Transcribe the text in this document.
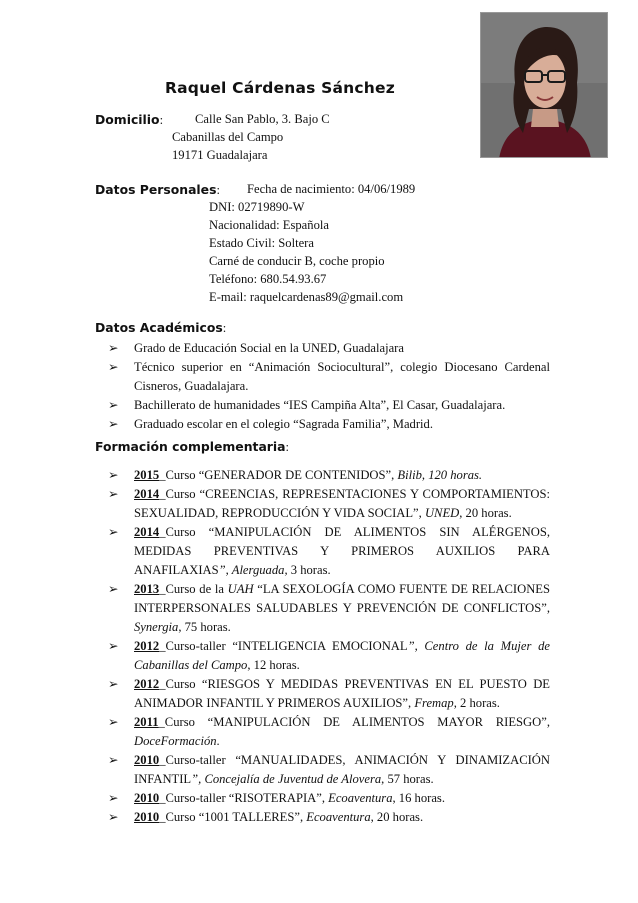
Raquel Cárdenas Sánchez
Domicilio:	Calle San Pablo, 3. Bajo C
Cabanillas del Campo
19171 Guadalajara
Datos Personales: Fecha de nacimiento: 04/06/1989
DNI: 02719890-W
Nacionalidad: Española
Estado Civil: Soltera
Carné de conducir B, coche propio
Teléfono: 680.54.93.67
E-mail: raquelcardenas89@gmail.com
Datos Académicos:
➢ Grado de Educación Social en la UNED, Guadalajara
➢ Técnico superior en “Animación Sociocultural”, colegio Diocesano Cardenal Cisneros, Guadalajara.
➢ Bachillerato de humanidades “IES Campiña Alta”, El Casar, Guadalajara.
➢ Graduado escolar en el colegio “Sagrada Familia”, Madrid.
Formación complementaria:
➢ 2015_Curso “GENERADOR DE CONTENIDOS”, Bilib, 120 horas.
➢ 2014_Curso “CREENCIAS, REPRESENTACIONES Y COMPORTAMIENTOS: SEXUALIDAD, REPRODUCCIÓN Y VIDA SOCIAL”, UNED, 20 horas.
➢ 2014_Curso “MANIPULACIÓN DE ALIMENTOS SIN ALÉRGENOS, MEDIDAS PREVENTIVAS Y PRIMEROS AUXILIOS PARA ANAFILAXIAS”, Alerguada, 3 horas.
➢ 2013_Curso de la UAH “LA SEXOLOGÍA COMO FUENTE DE RELACIONES INTERPERSONALES SALUDABLES Y PREVENCIÓN DE CONFLICTOS”, Synergia, 75 horas.
➢ 2012_Curso-taller “INTELIGENCIA EMOCIONAL”, Centro de la Mujer de Cabanillas del Campo, 12 horas.
➢ 2012_Curso “RIESGOS Y MEDIDAS PREVENTIVAS EN EL PUESTO DE ANIMADOR INFANTIL Y PRIMEROS AUXILIOS”, Fremap, 2 horas.
➢ 2011_Curso “MANIPULACIÓN DE ALIMENTOS MAYOR RIESGO”, DoceFormación.
➢ 2010_Curso-taller “MANUALIDADES, ANIMACIÓN Y DINAMIZACIÓN INFANTIL”, Concejalía de Juventud de Alovera, 57 horas.
➢ 2010_Curso-taller “RISOTERAPIA”, Ecoaventura, 16 horas.
➢ 2010_Curso “1001 TALLERES”, Ecoaventura, 20 horas.
